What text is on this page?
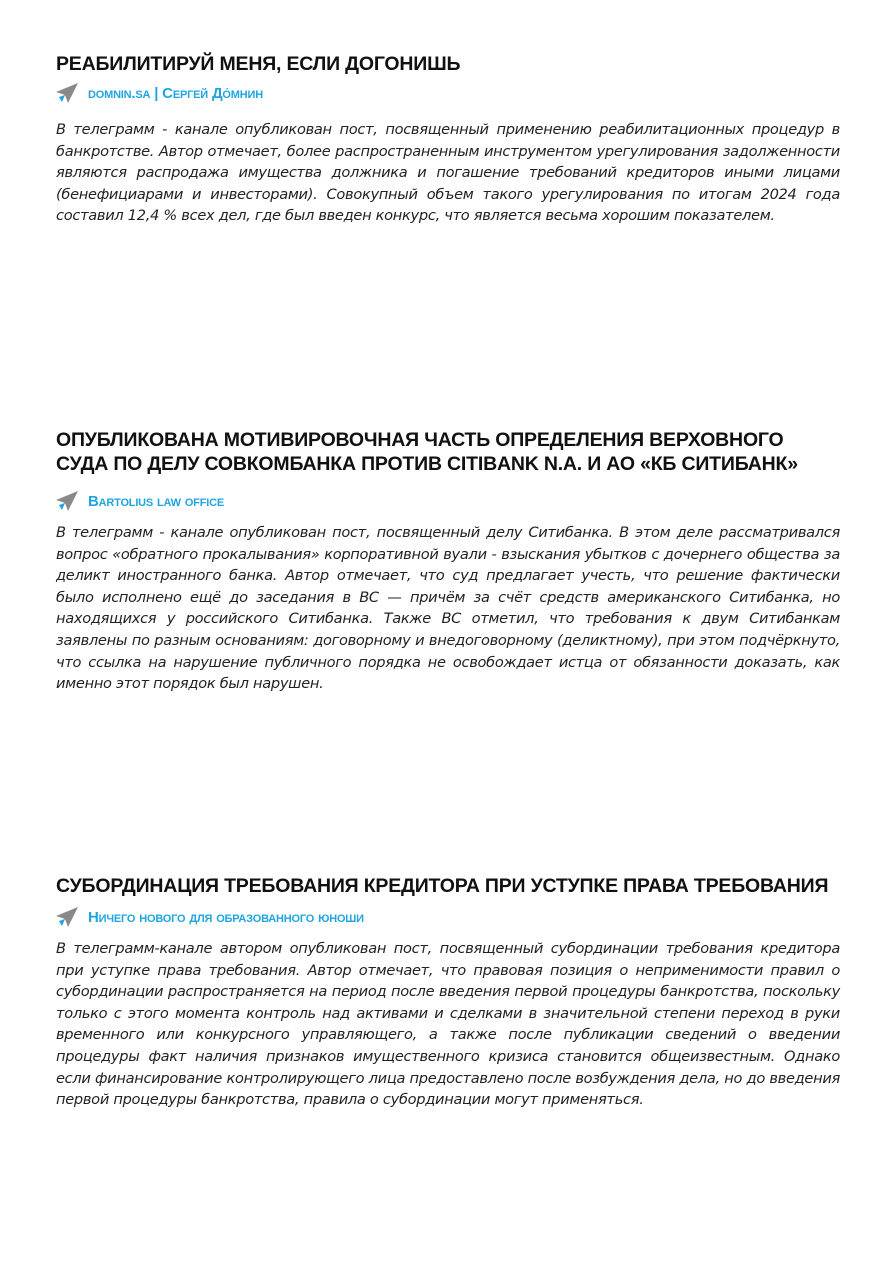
РЕАБИЛИТИРУЙ МЕНЯ, ЕСЛИ ДОГОНИШЬ
domnin.sa | Сергей До́мнин

В телеграмм - канале опубликован пост, посвященный применению реабилитационных процедур в банкротстве. Автор отмечает, более распространенным инструментом урегулирования задолженности являются распродажа имущества должника и погашение требований кредиторов иными лицами (бенефициарами и инвесторами). Совокупный объем такого урегулирования по итогам 2024 года составил 12,4 % всех дел, где был введен конкурс, что является весьма хорошим показателем.

ОПУБЛИКОВАНА МОТИВИРОВОЧНАЯ ЧАСТЬ ОПРЕДЕЛЕНИЯ ВЕРХОВНОГО СУДА ПО ДЕЛУ СОВКОМБАНКА ПРОТИВ CITIBANK N.A. И АО «КБ СИТИБАНК»
Bartolius law office

В телеграмм - канале опубликован пост, посвященный делу Ситибанка. В этом деле рассматривался вопрос «обратного прокалывания» корпоративной вуали - взыскания убытков с дочернего общества за деликт иностранного банка. Автор отмечает, что суд предлагает учесть, что решение фактически было исполнено ещё до заседания в ВС — причём за счёт средств американского Ситибанка, но находящихся у российского Ситибанка. Также ВС отметил, что требования к двум Ситибанкам заявлены по разным основаниям: договорному и внедоговорному (деликтному), при этом подчёркнуто, что ссылка на нарушение публичного порядка не освобождает истца от обязанности доказать, как именно этот порядок был нарушен.

СУБОРДИНАЦИЯ ТРЕБОВАНИЯ КРЕДИТОРА ПРИ УСТУПКЕ ПРАВА ТРЕБОВАНИЯ
Ничего нового для образованного юноши

В телеграмм-канале автором опубликован пост, посвященный субординации требования кредитора при уступке права требования. Автор отмечает, что правовая позиция о неприменимости правил о субординации распространяется на период после введения первой процедуры банкротства, поскольку только с этого момента контроль над активами и сделками в значительной степени переход в руки временного или конкурсного управляющего, а также после публикации сведений о введении процедуры факт наличия признаков имущественного кризиса становится общеизвестным. Однако если финансирование контролирующего лица предоставлено после возбуждения дела, но до введения первой процедуры банкротства, правила о субординации могут применяться.
